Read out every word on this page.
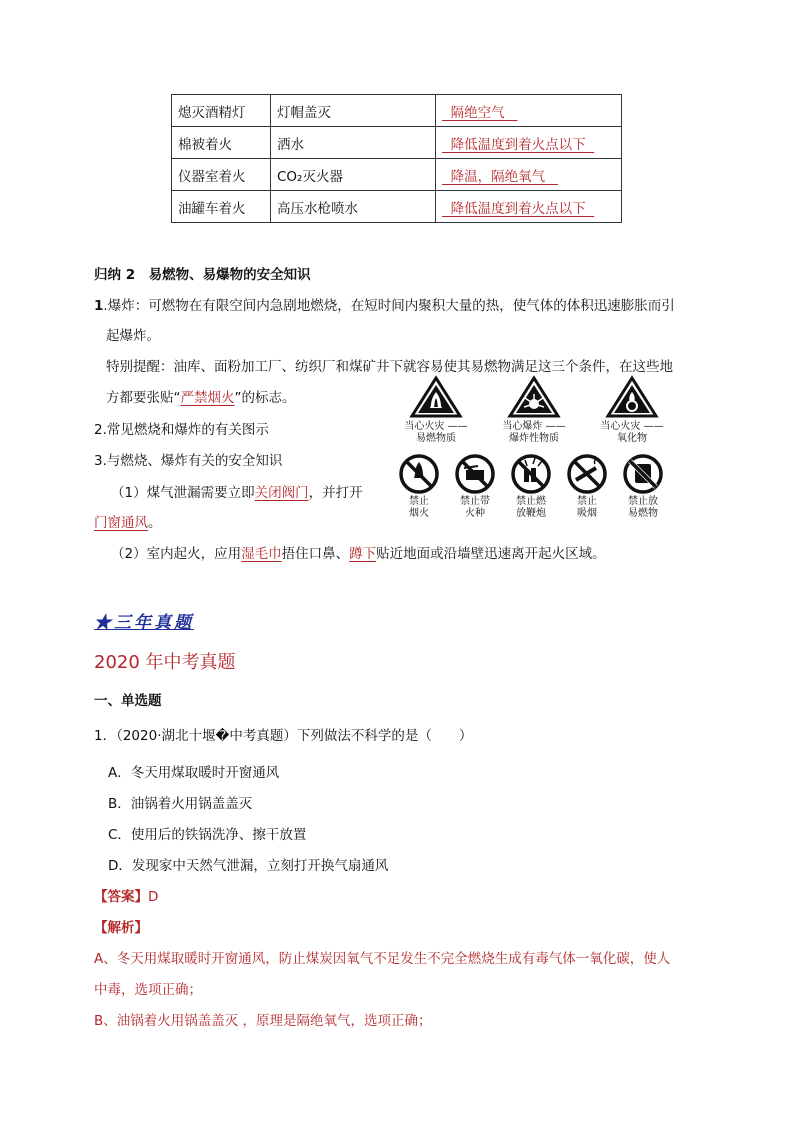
熄灭酒精灯	灯帽盖灭	隔绝空气
棉被着火	洒水	降低温度到着火点以下
仪器室着火	CO₂灭火器	降温，隔绝氧气
油罐车着火	高压水枪喷水	降低温度到着火点以下
归纳 2　易燃物、易爆物的安全知识
1.爆炸：可燃物在有限空间内急剧地燃烧，在短时间内聚积大量的热，使气体的体积迅速膨胀而引
起爆炸。
特别提醒：油库、面粉加工厂、纺织厂和煤矿井下就容易使其易燃物满足这三个条件，在这些地
方都要张贴“严禁烟火”的标志。
2.常见燃烧和爆炸的有关图示
3.与燃烧、爆炸有关的安全知识
（1）煤气泄漏需要立即关闭阀门，并打开
门窗通风。
（2）室内起火，应用湿毛巾捂住口鼻、蹲下贴近地面或沿墙壁迅速离开起火区域。
当心火灾 ——
易燃物质
当心爆炸 ——
爆炸性物质
当心火灾 ——
氧化物
禁止
烟火
禁止带
火种
禁止燃
放鞭炮
禁止
吸烟
禁止放
易燃物
★三年真题
2020 年中考真题
一、单选题
1．（2020·湖北十堰�中考真题）下列做法不科学的是（　　）
A．冬天用煤取暖时开窗通风
B．油锅着火用锅盖盖灭
C．使用后的铁锅洗净、擦干放置
D．发现家中天然气泄漏，立刻打开换气扇通风
【答案】D
【解析】
A、冬天用煤取暖时开窗通风，防止煤炭因氧气不足发生不完全燃烧生成有毒气体一氧化碳，使人
中毒，选项正确；
B、油锅着火用锅盖盖灭 ，原理是隔绝氧气，选项正确；
